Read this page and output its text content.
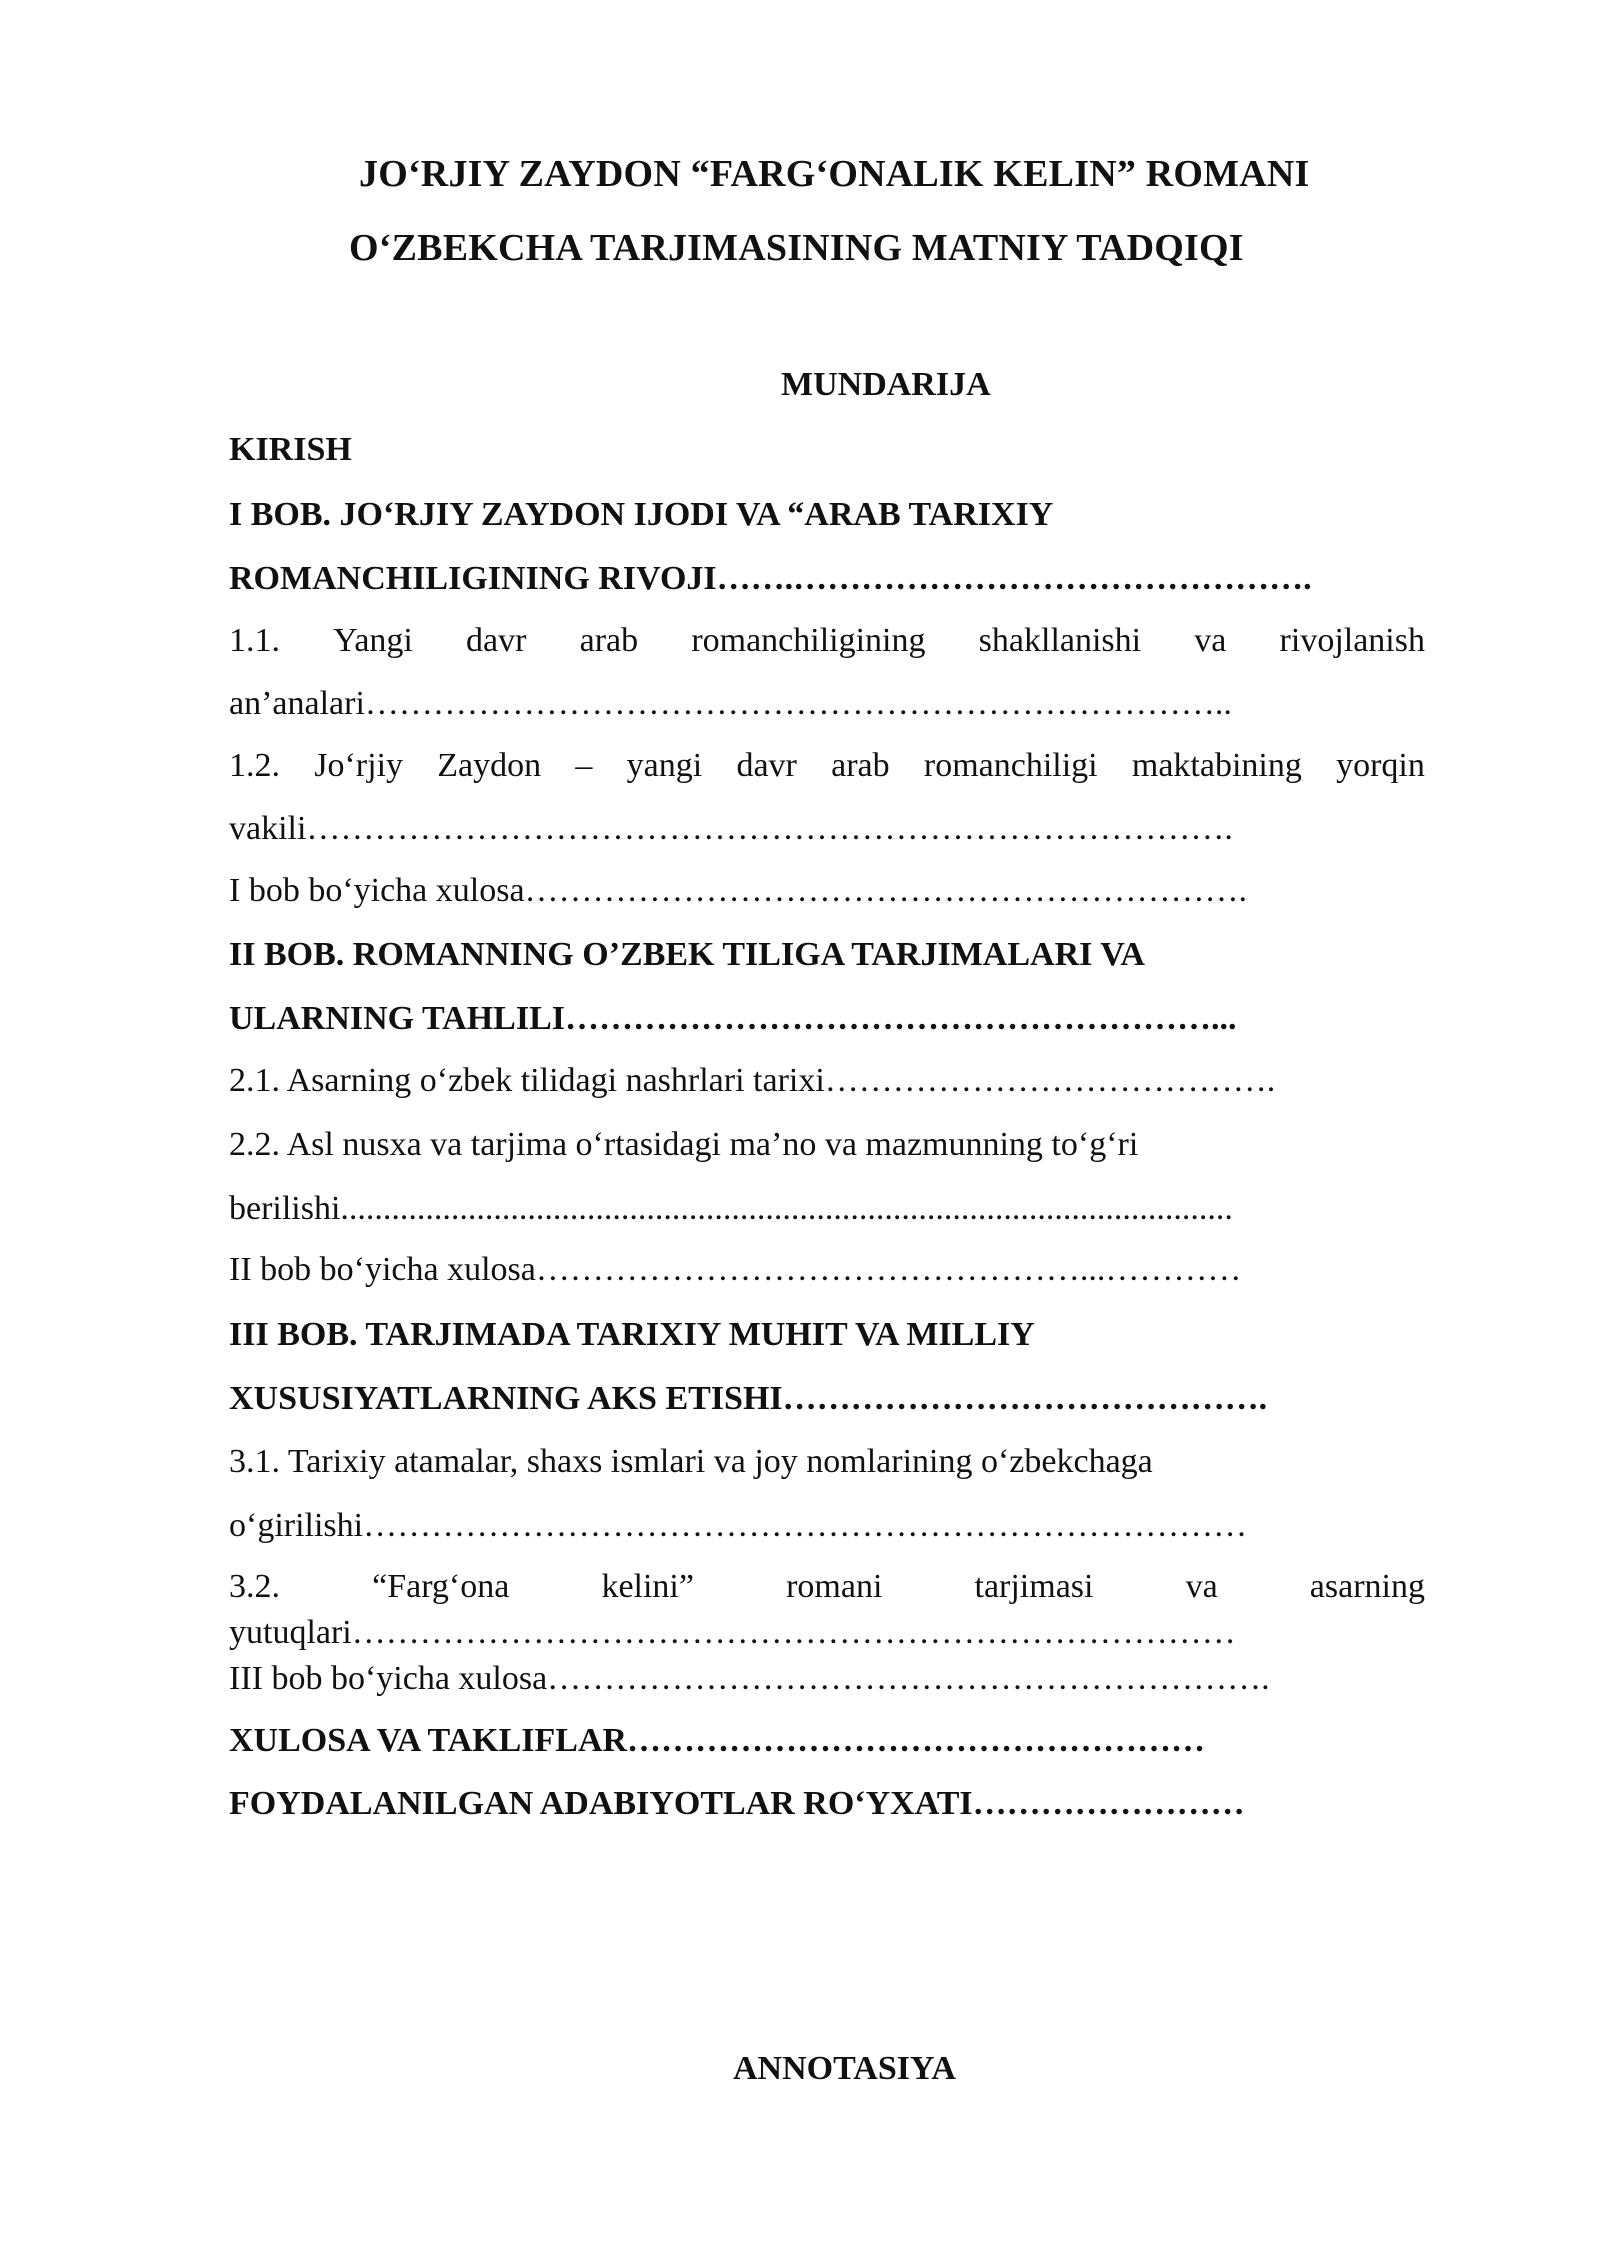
JO‘RJIY ZAYDON “FARG‘ONALIK KELIN” ROMANI
O‘ZBEKCHA TARJIMASINING MATNIY TADQIQI
MUNDARIJA
KIRISH
I BOB. JO‘RJIY ZAYDON IJODI VA “ARAB TARIXIY
ROMANCHILIGINING RIVOJI…….……………………………………….
1.1. Yangi davr arab romanchiligining shakllanishi va rivojlanish
an’analari…………………………………………………………………..
1.2. Jo‘rjiy Zaydon – yangi davr arab romanchiligi maktabining yorqin
vakili……………………………………………………………………….
I bob bo‘yicha xulosa……………………………………………………….
II BOB. ROMANNING O’ZBEK TILIGA TARJIMALARI VA
ULARNING TAHLILI…………………………………………………...
2.1. Asarning o‘zbek tilidagi nashrlari tarixi………………………………….
2.2. Asl nusxa va tarjima o‘rtasidagi ma’no va mazmunning to‘g‘ri
berilishi.........................................................................................................
II bob bo‘yicha xulosa…………………………………………...…………
III BOB. TARJIMADA TARIXIY MUHIT VA MILLIY
XUSUSIYATLARNING AKS ETISHI…………………………………….
3.1. Tarixiy atamalar, shaxs ismlari va joy nomlarining o‘zbekchaga
o‘girilishi……………………………………………………………………
3.2.	“Farg‘ona	kelini”	romani	tarjimasi	va	asarning
yutuqlari……………………………………………………………………
III bob bo‘yicha xulosa……………………………………………………….
XULOSA VA TAKLIFLAR……………………………………………
FOYDALANILGAN ADABIYOTLAR RO‘YXATI……………………
ANNOTASIYA
